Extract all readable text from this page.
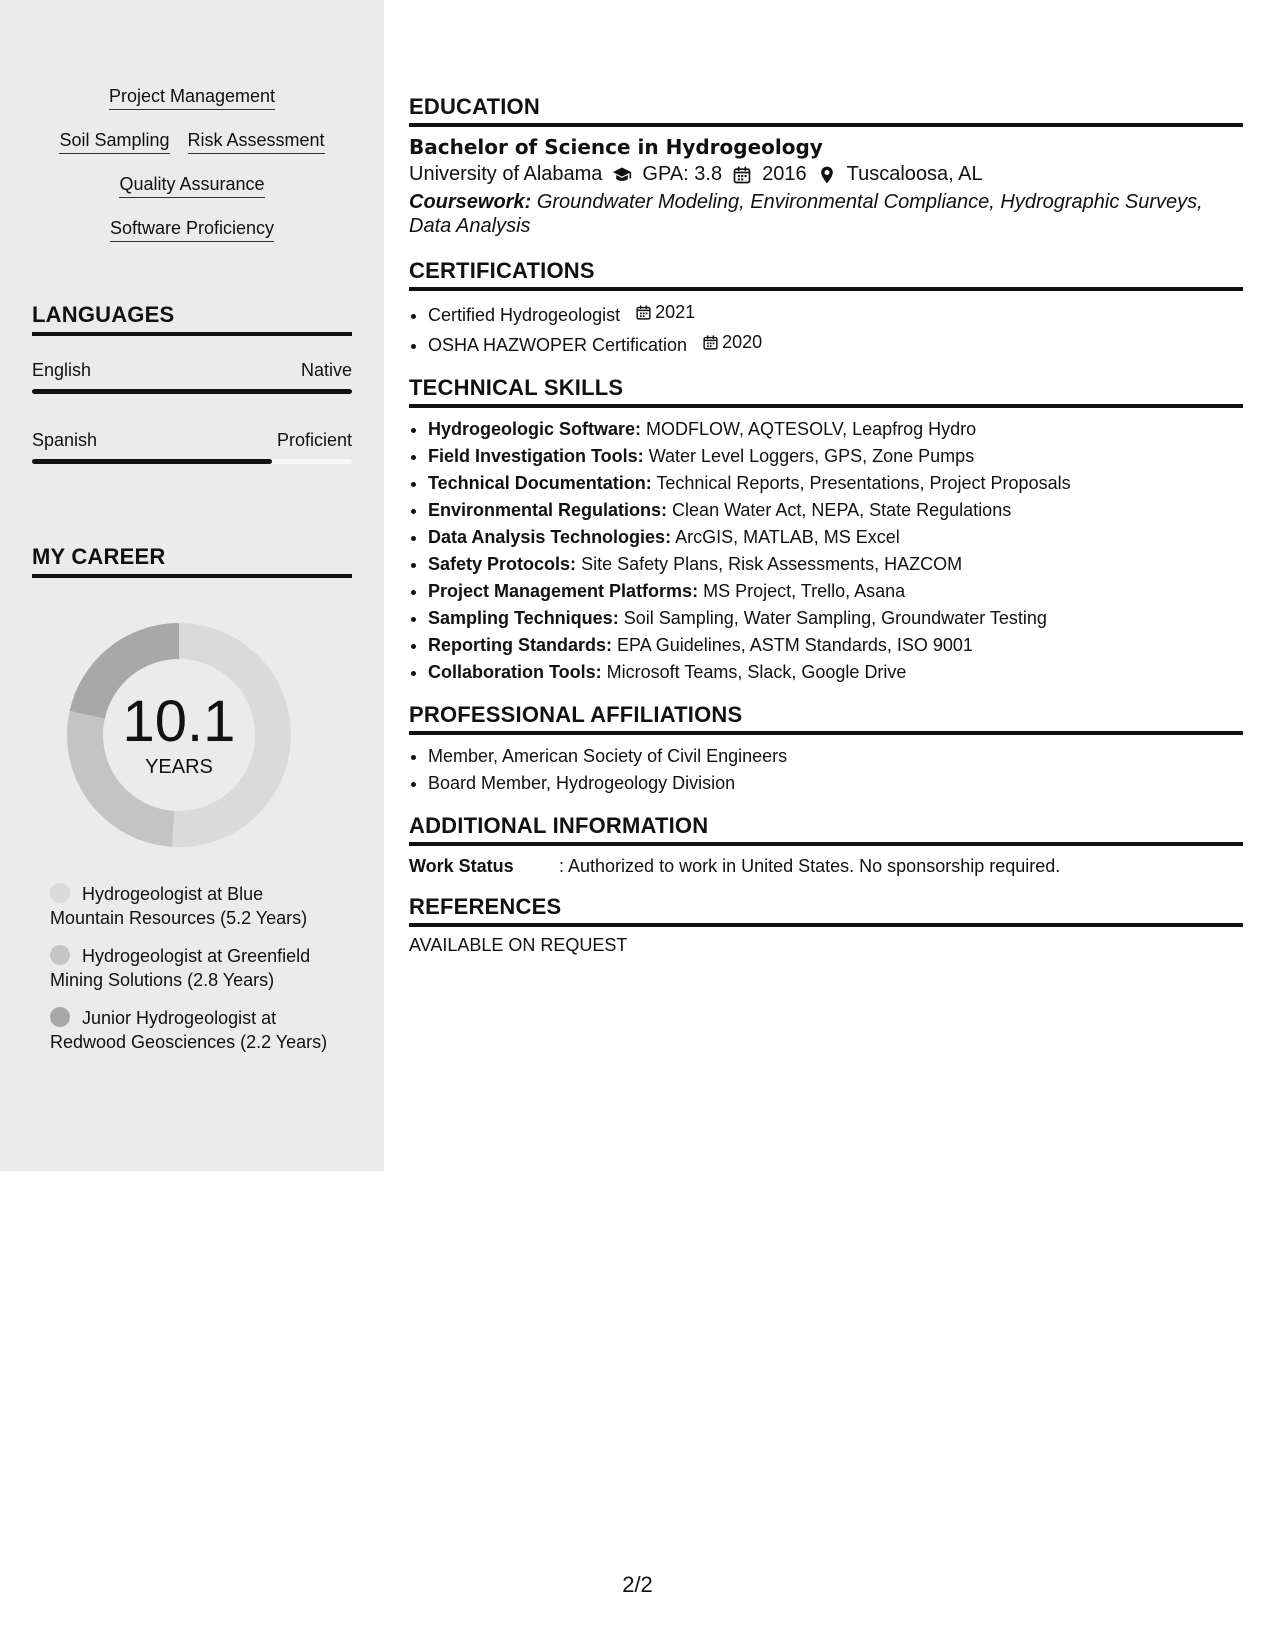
Project Management
Soil Sampling Risk Assessment
Quality Assurance
Software Proficiency
LANGUAGES
English	Native
Spanish	Proficient
MY CAREER
10.1
YEARS
Hydrogeologist at Blue Mountain Resources (5.2 Years)
Hydrogeologist at Greenfield Mining Solutions (2.8 Years)
Junior Hydrogeologist at Redwood Geosciences (2.2 Years)
EDUCATION
Bachelor of Science in Hydrogeology
University of Alabama GPA: 3.8 2016 Tuscaloosa, AL
Coursework: Groundwater Modeling, Environmental Compliance, Hydrographic Surveys, Data Analysis
CERTIFICATIONS
• Certified Hydrogeologist 2021
• OSHA HAZWOPER Certification 2020
TECHNICAL SKILLS
• Hydrogeologic Software: MODFLOW, AQTESOLV, Leapfrog Hydro
• Field Investigation Tools: Water Level Loggers, GPS, Zone Pumps
• Technical Documentation: Technical Reports, Presentations, Project Proposals
• Environmental Regulations: Clean Water Act, NEPA, State Regulations
• Data Analysis Technologies: ArcGIS, MATLAB, MS Excel
• Safety Protocols: Site Safety Plans, Risk Assessments, HAZCOM
• Project Management Platforms: MS Project, Trello, Asana
• Sampling Techniques: Soil Sampling, Water Sampling, Groundwater Testing
• Reporting Standards: EPA Guidelines, ASTM Standards, ISO 9001
• Collaboration Tools: Microsoft Teams, Slack, Google Drive
PROFESSIONAL AFFILIATIONS
• Member, American Society of Civil Engineers
• Board Member, Hydrogeology Division
ADDITIONAL INFORMATION
Work Status	: Authorized to work in United States. No sponsorship required.
REFERENCES
AVAILABLE ON REQUEST
2/2
